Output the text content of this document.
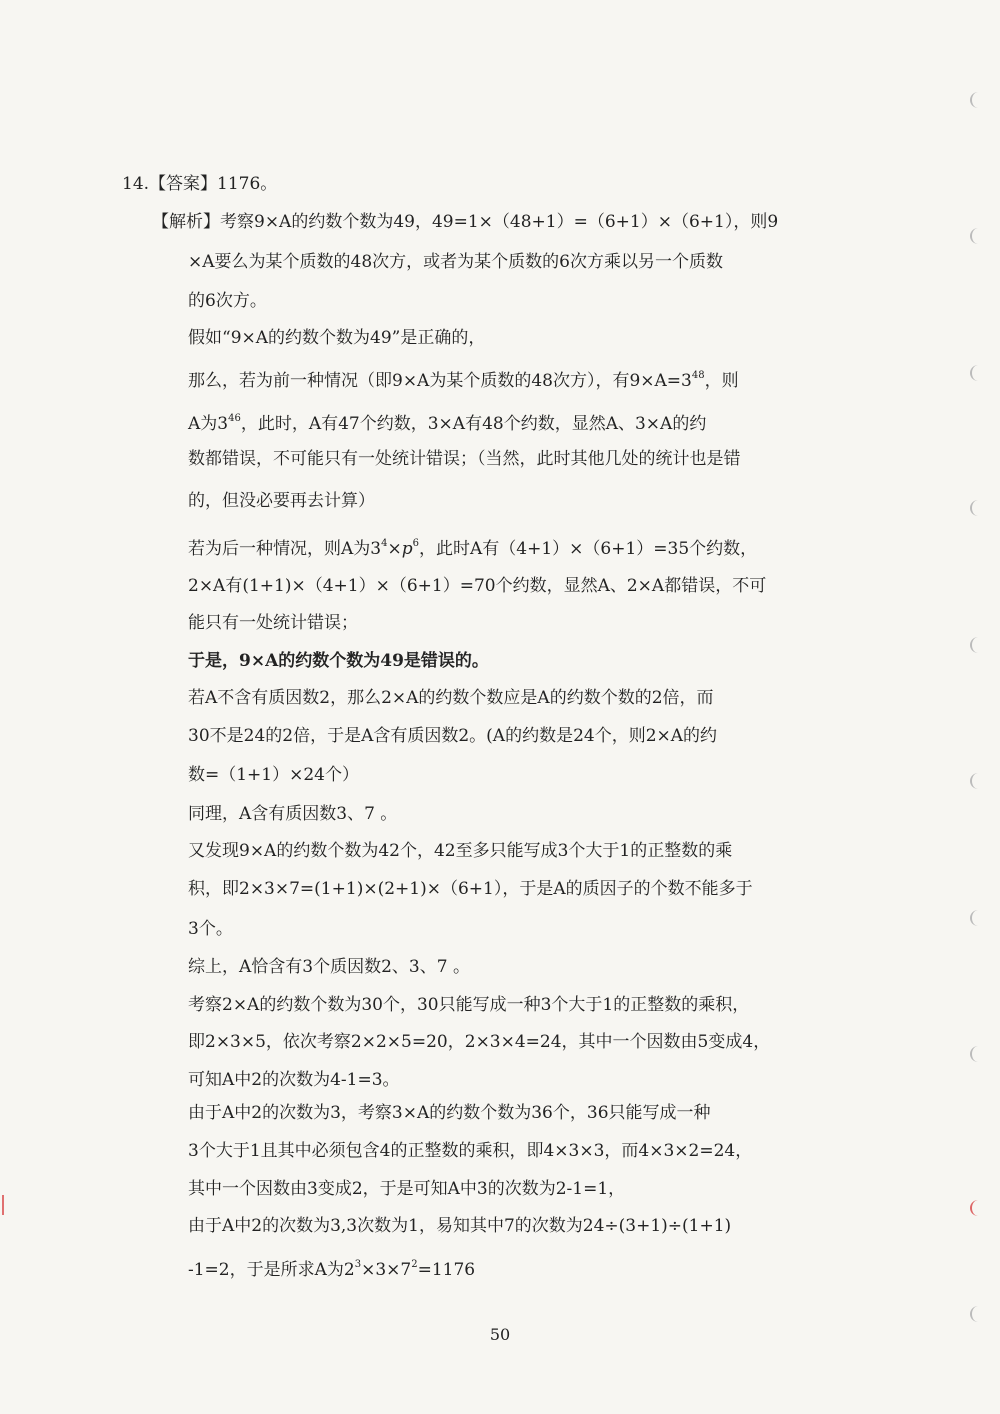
14.【答案】1176。
【解析】考察9×A的约数个数为49，49=1×（48+1）=（6+1）×（6+1），则9
×A要么为某个质数的48次方，或者为某个质数的6次方乘以另一个质数
的6次方。
假如“9×A的约数个数为49”是正确的，
那么，若为前一种情况（即9×A为某个质数的48次方），有$9\times A=3^{48}$，则
A为$3^{46}$，此时，A有47个约数，3×A有48个约数，显然A、3×A的约
数都错误，不可能只有一处统计错误；（当然，此时其他几处的统计也是错
的，但没必要再去计算）
若为后一种情况，则A为$3^4\times p^6$，此时A有（4+1）×（6+1）=35个约数，
2×A有(1+1)×（4+1）×（6+1）=70个约数，显然A、2×A都错误，不可
能只有一处统计错误；
于是，9×A的约数个数为49是错误的。
若A不含有质因数2，那么2×A的约数个数应是A的约数个数的2倍，而
30不是24的2倍，于是A含有质因数2。(A的约数是24个，则2×A的约
数=（1+1）×24个）
同理，A含有质因数3、7 。
又发现9×A的约数个数为42个，42至多只能写成3个大于1的正整数的乘
积，即2×3×7=(1+1)×(2+1)×（6+1），于是A的质因子的个数不能多于
3个。
综上，A恰含有3个质因数2、3、7 。
考察2×A的约数个数为30个，30只能写成一种3个大于1的正整数的乘积，
即2×3×5，依次考察2×2×5=20，2×3×4=24，其中一个因数由5变成4，
可知A中2的次数为4-1=3。
由于A中2的次数为3，考察3×A的约数个数为36个，36只能写成一种
3个大于1且其中必须包含4的正整数的乘积，即4×3×3，而4×3×2=24，
其中一个因数由3变成2，于是可知A中3的次数为2-1=1，
由于A中2的次数为3,3次数为1，易知其中7的次数为24÷(3+1)÷(1+1)
-1=2，于是所求A为$2^3\times 3\times 7^2=1176$
50
